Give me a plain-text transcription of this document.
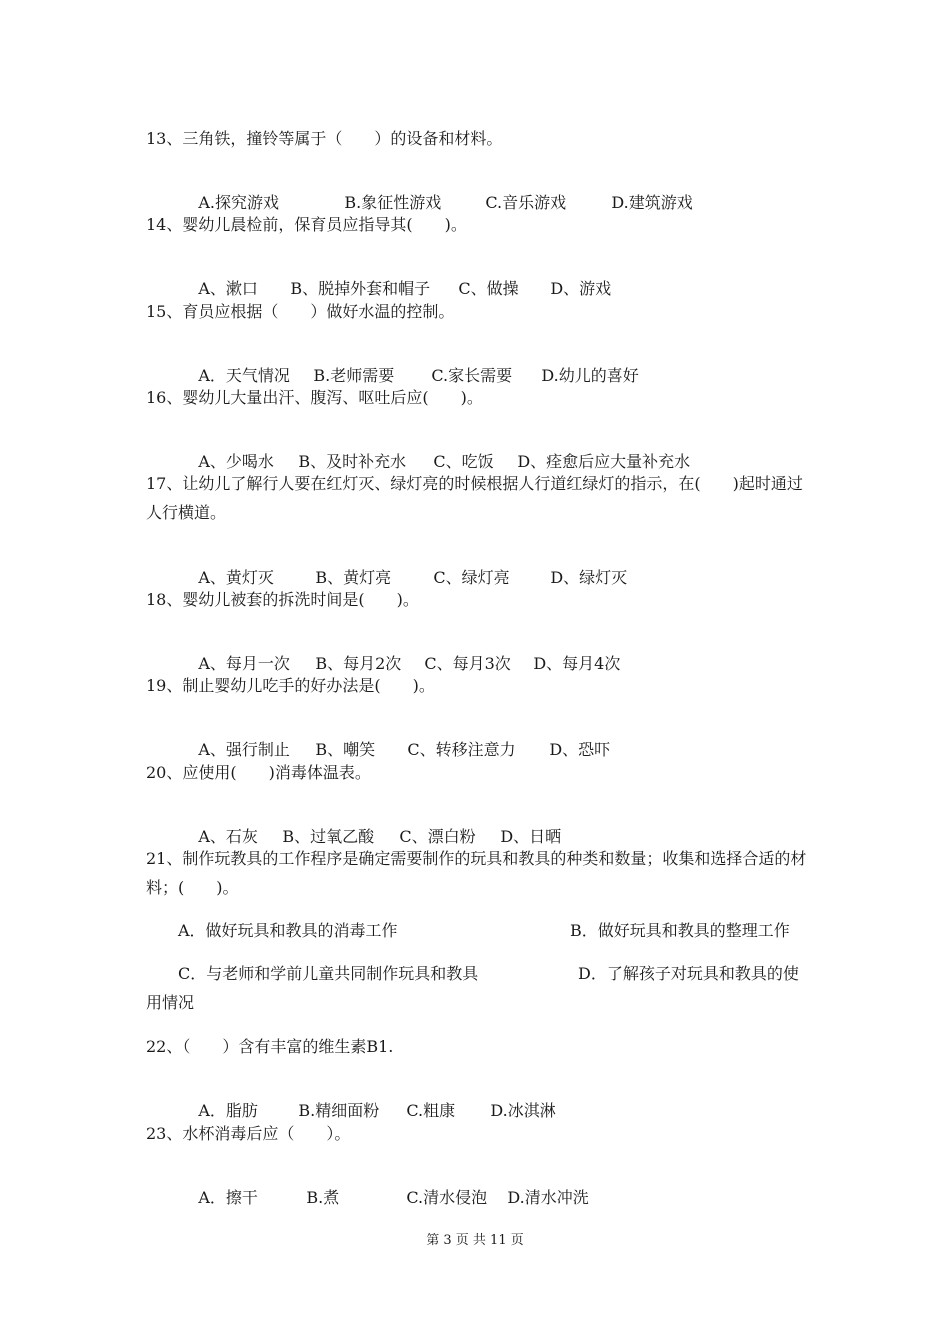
13、三角铁，撞铃等属于（　　）的设备和材料。

A.探究游戏	B.象征性游戏	C.音乐游戏	D.建筑游戏

14、婴幼儿晨检前，保育员应指导其(　　)。

A、漱口 B、脱掉外套和帽子 C、做操 D、游戏

15、育员应根据（　　）做好水温的控制。

A．天气情况 B.老师需要 C.家长需要 D.幼儿的喜好

16、婴幼儿大量出汗、腹泻、呕吐后应(　　)。

A、少喝水 B、及时补充水 C、吃饭 D、痊愈后应大量补充水

17、让幼儿了解行人要在红灯灭、绿灯亮的时候根据人行道红绿灯的指示，在(　　)起时通过人行横道。

A、黄灯灭	B、黄灯亮	C、绿灯亮	D、绿灯灭

18、婴幼儿被套的拆洗时间是(　　)。

A、每月一次 B、每月2次 C、每月3次 D、每月4次

19、制止婴幼儿吃手的好办法是(　　)。

A、强行制止 B、嘲笑 C、转移注意力 D、恐吓

20、应使用(　　)消毒体温表。

A、石灰 B、过氧乙酸 C、漂白粉 D、日晒

21、制作玩教具的工作程序是确定需要制作的玩具和教具的种类和数量；收集和选择合适的材料；(　　)。
A．做好玩具和教具的消毒工作	B．做好玩具和教具的整理工作
C．与老师和学前儿童共同制作玩具和教具	D．了解孩子对玩具和教具的使用情况
22、（　　）含有丰富的维生素B1.

A．脂肪	B.精细面粉 C.粗康 D.冰淇淋

23、水杯消毒后应（　　）。

A．擦干	B.煮	C.清水侵泡 D.清水冲洗

第 3 页 共 11 页
